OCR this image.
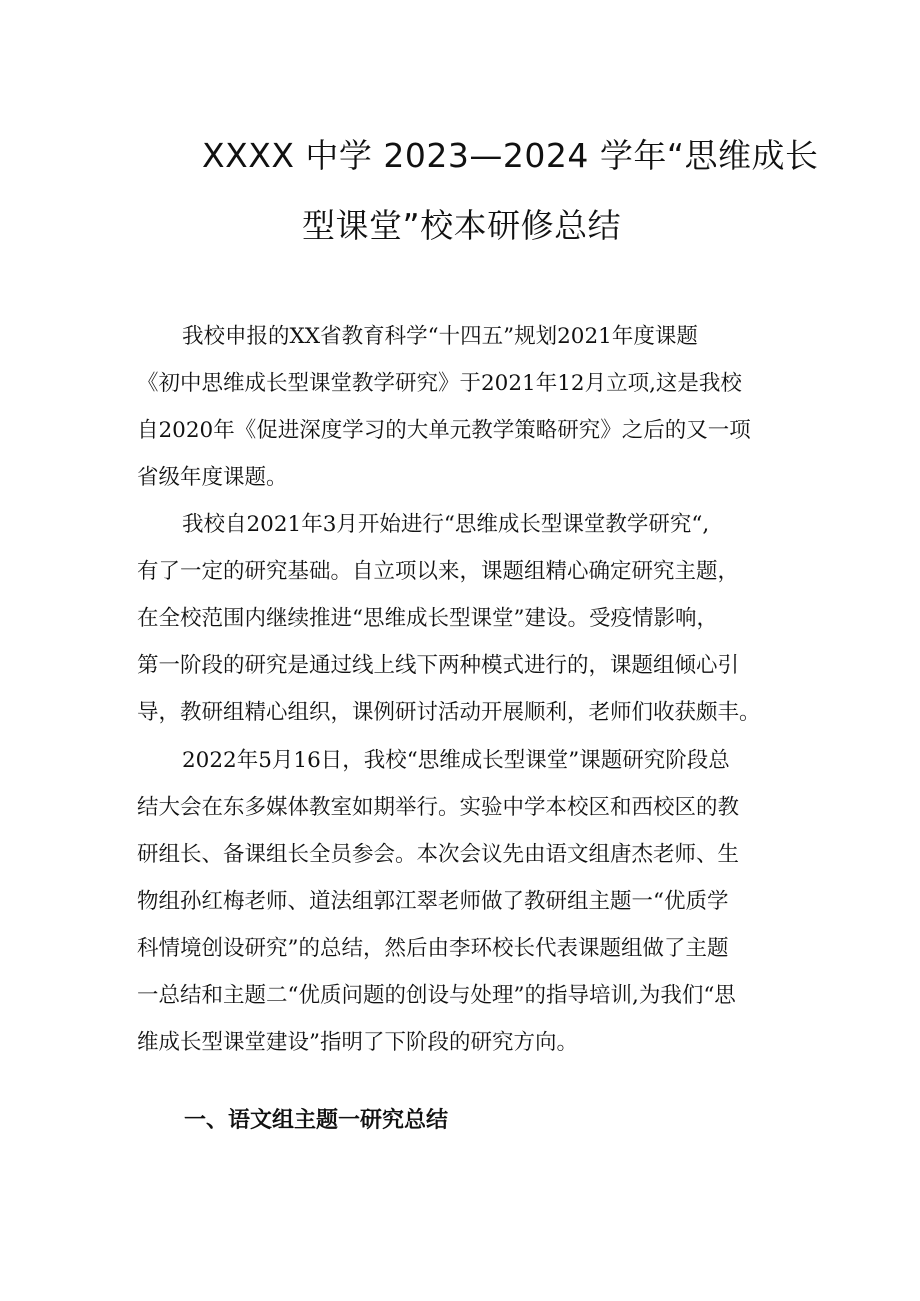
XXXX 中学 2023—2024 学年“思维成长
型课堂”校本研修总结

我校申报的XX省教育科学“十四五”规划2021年度课题
《初中思维成长型课堂教学研究》于2021年12月立项,这是我校
自2020年《促进深度学习的大单元教学策略研究》之后的又一项
省级年度课题。

我校自2021年3月开始进行“思维成长型课堂教学研究“,
有了一定的研究基础。自立项以来，课题组精心确定研究主题，
在全校范围内继续推进“思维成长型课堂”建设。受疫情影响，
第一阶段的研究是通过线上线下两种模式进行的，课题组倾心引
导，教研组精心组织，课例研讨活动开展顺利，老师们收获颇丰。

2022年5月16日，我校“思维成长型课堂”课题研究阶段总
结大会在东多媒体教室如期举行。实验中学本校区和西校区的教
研组长、备课组长全员参会。本次会议先由语文组唐杰老师、生
物组孙红梅老师、道法组郭江翠老师做了教研组主题一“优质学
科情境创设研究”的总结，然后由李环校长代表课题组做了主题
一总结和主题二“优质问题的创设与处理”的指导培训,为我们“思
维成长型课堂建设”指明了下阶段的研究方向。

一、语文组主题一研究总结
